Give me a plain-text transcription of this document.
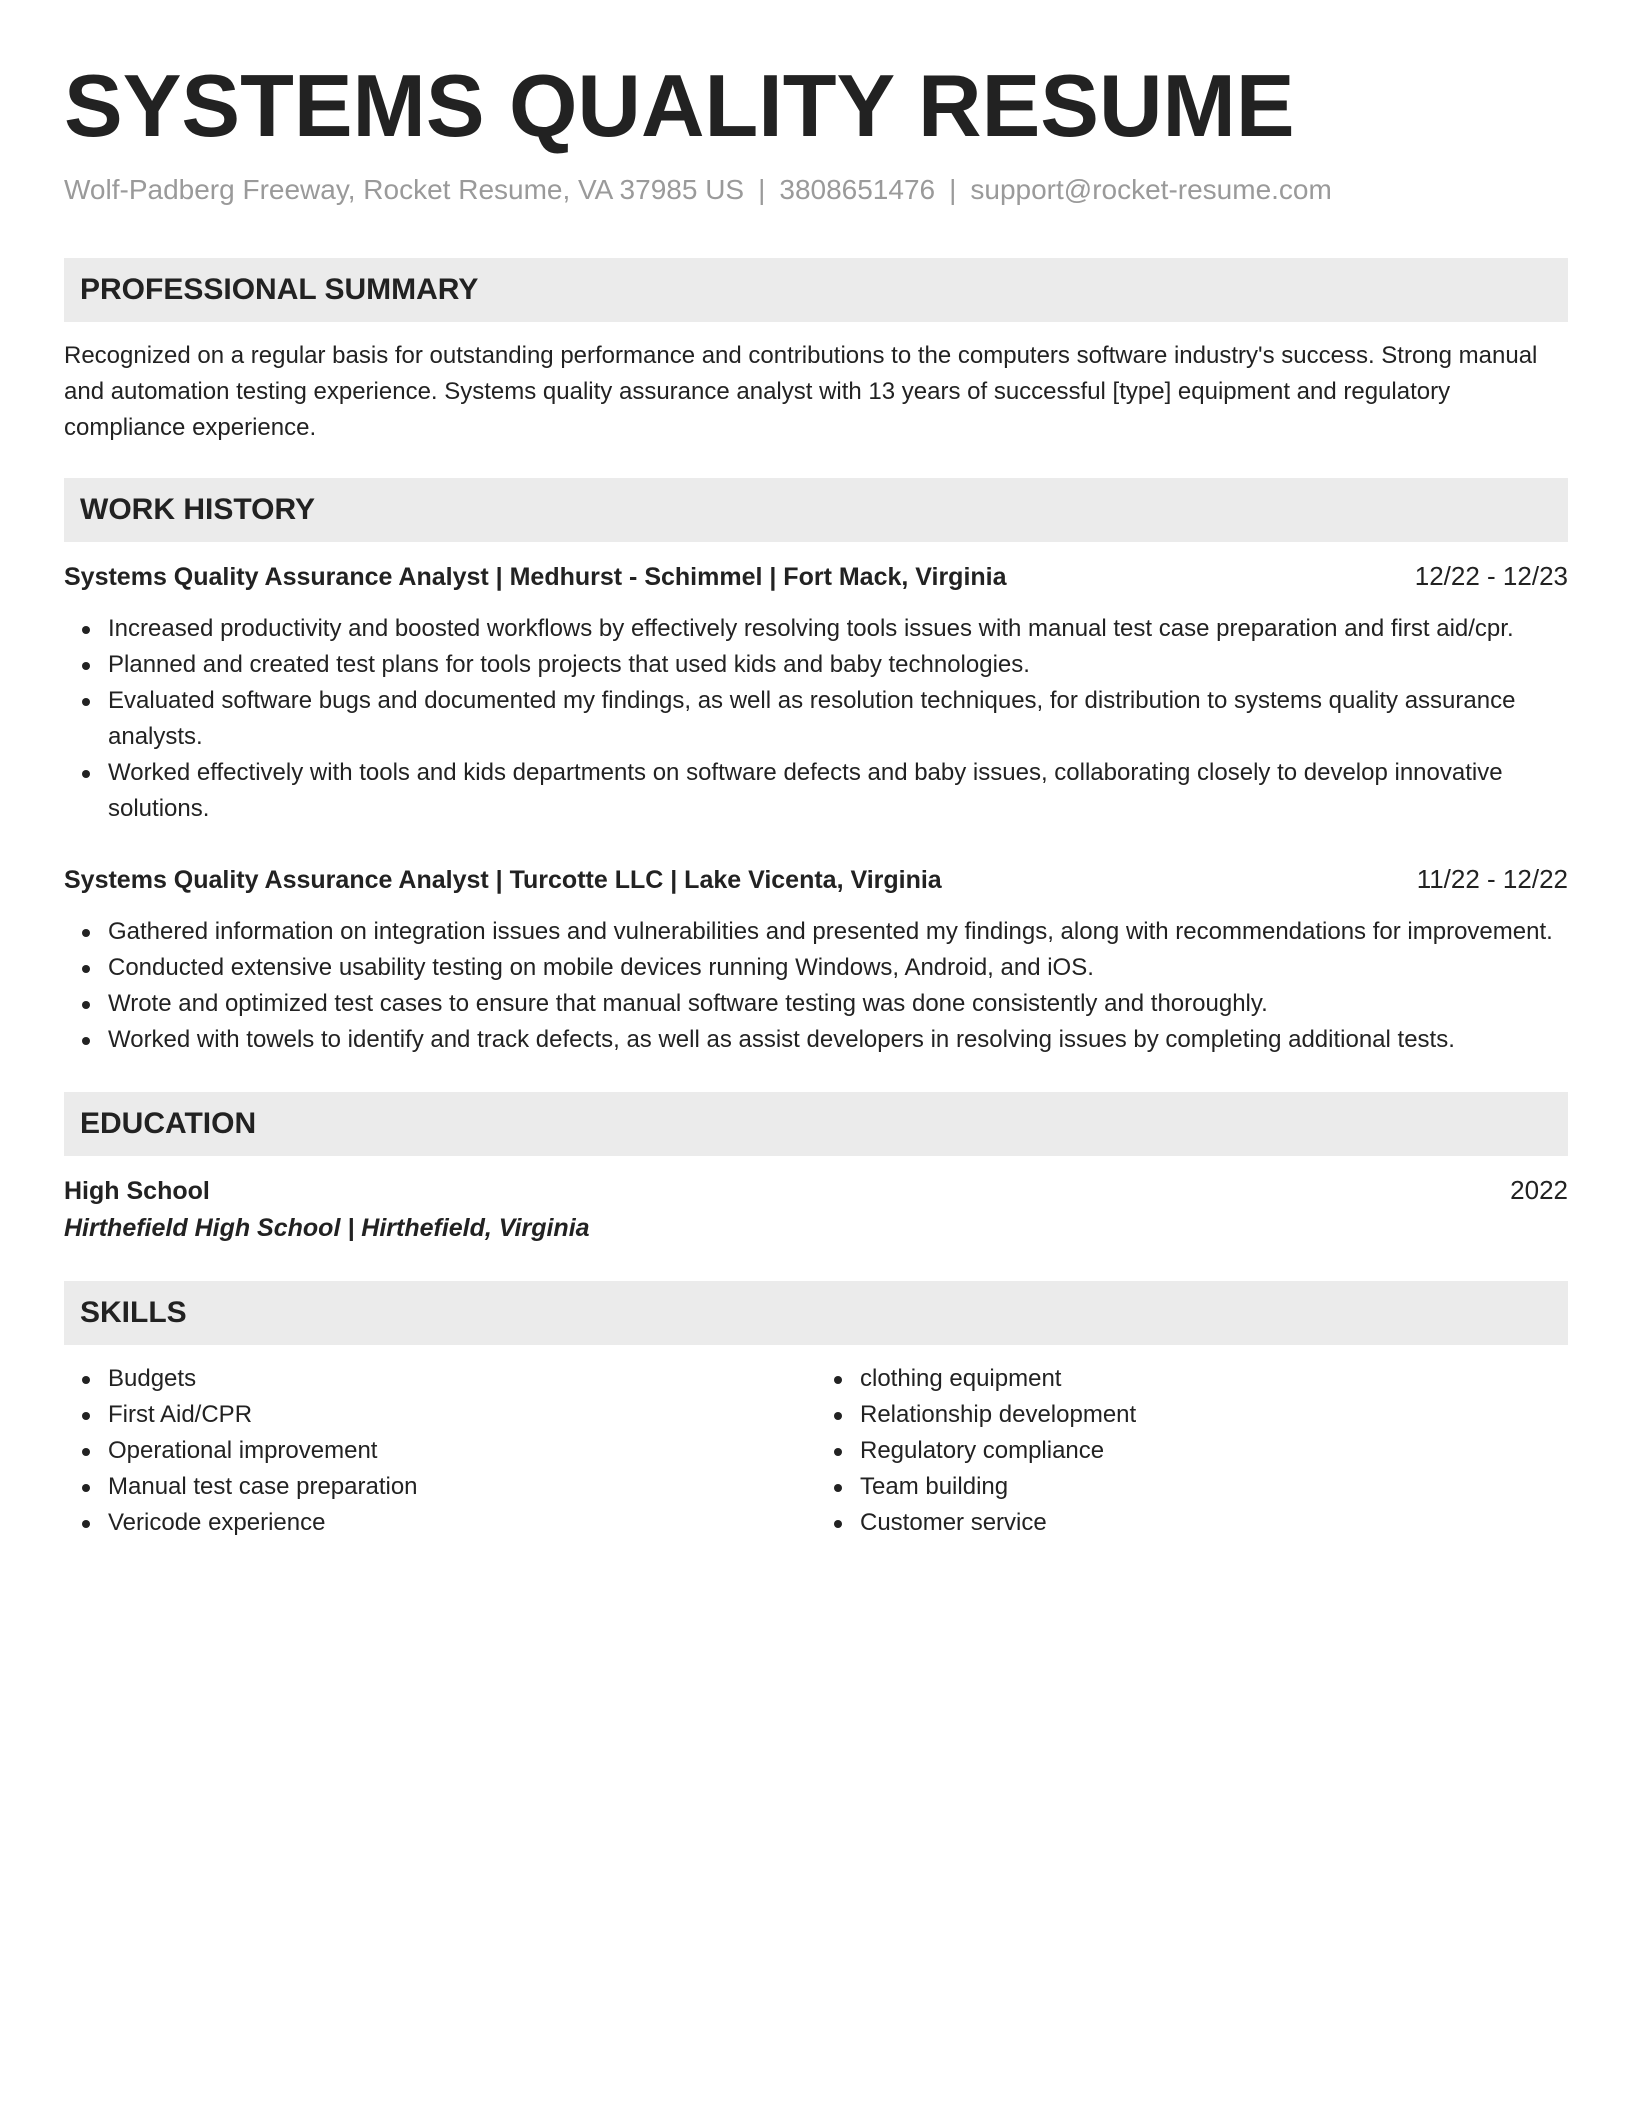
SYSTEMS QUALITY RESUME
Wolf-Padberg Freeway, Rocket Resume, VA 37985 US | 3808651476 | support@rocket-resume.com
PROFESSIONAL SUMMARY
Recognized on a regular basis for outstanding performance and contributions to the computers software industry's success. Strong manual and automation testing experience. Systems quality assurance analyst with 13 years of successful [type] equipment and regulatory compliance experience.
WORK HISTORY
Systems Quality Assurance Analyst | Medhurst - Schimmel | Fort Mack, Virginia	12/22 - 12/23
Increased productivity and boosted workflows by effectively resolving tools issues with manual test case preparation and first aid/cpr.
Planned and created test plans for tools projects that used kids and baby technologies.
Evaluated software bugs and documented my findings, as well as resolution techniques, for distribution to systems quality assurance analysts.
Worked effectively with tools and kids departments on software defects and baby issues, collaborating closely to develop innovative solutions.
Systems Quality Assurance Analyst | Turcotte LLC | Lake Vicenta, Virginia	11/22 - 12/22
Gathered information on integration issues and vulnerabilities and presented my findings, along with recommendations for improvement.
Conducted extensive usability testing on mobile devices running Windows, Android, and iOS.
Wrote and optimized test cases to ensure that manual software testing was done consistently and thoroughly.
Worked with towels to identify and track defects, as well as assist developers in resolving issues by completing additional tests.
EDUCATION
High School	2022
Hirthefield High School | Hirthefield, Virginia
SKILLS
Budgets
First Aid/CPR
Operational improvement
Manual test case preparation
Vericode experience
clothing equipment
Relationship development
Regulatory compliance
Team building
Customer service
